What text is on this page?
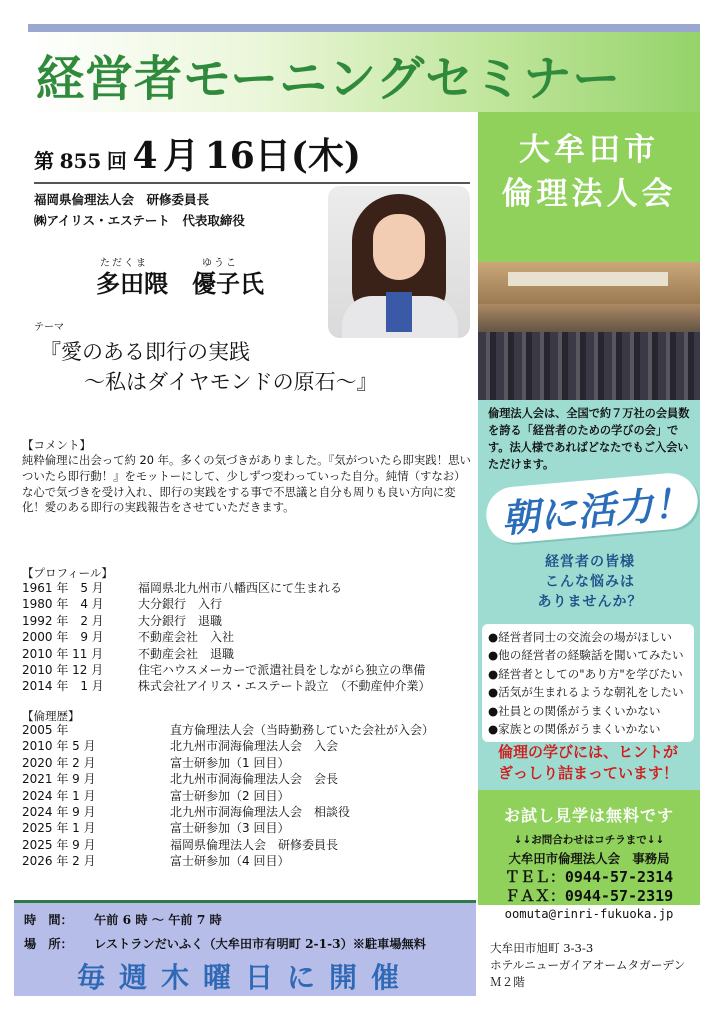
経営者モーニングセミナー
第 855 回 4 月 16日(木)
福岡県倫理法人会　研修委員長
㈱アイリス・エステート　代表取締役
ただくま	ゆうこ
多田隈　優子氏
テーマ
『愛のある即行の実践
～私はダイヤモンドの原石～』
【コメント】
純粋倫理に出会って約 20 年。多くの気づきがありました。『気がついたら即実践！思いついたら即行動！』をモットーにして、少しずつ変わっていった自分。純情（すなお）な心で気づきを受け入れ、即行の実践をする事で不思議と自分も周りも良い方向に変化！愛のある即行の実践報告をさせていただきます。
【プロフィール】
1961 年　5 月	福岡県北九州市八幡西区にて生まれる
1980 年　4 月	大分銀行　入行
1992 年　2 月	大分銀行　退職
2000 年　9 月	不動産会社　入社
2010 年 11 月	不動産会社　退職
2010 年 12 月	住宅ハウスメーカーで派遣社員をしながら独立の準備
2014 年　1 月	株式会社アイリス・エステート設立　（不動産仲介業）
【倫理歴】
2005 年	直方倫理法人会（当時勤務していた会社が入会）
2010 年 5 月	北九州市洞海倫理法人会　入会
2020 年 2 月	富士研参加（1 回目）
2021 年 9 月	北九州市洞海倫理法人会　会長
2024 年 1 月	富士研参加（2 回目）
2024 年 9 月	北九州市洞海倫理法人会　相談役
2025 年 1 月	富士研参加（3 回目）
2025 年 9 月	福岡県倫理法人会　研修委員長
2026 年 2 月	富士研参加（4 回目）
時　間： 午前 6 時 ～ 午前 7 時
場　所： レストランだいふく（大牟田市有明町 2-1-3）※駐車場無料
毎週木曜日に開催
大牟田市
倫理法人会
倫理法人会は、全国で約７万社の会員数を誇る「経営者のための学びの会」です。法人様であればどなたでもご入会いただけます。
朝に活力！
経営者の皆様
こんな悩みは
ありませんか？
●経営者同士の交流会の場がほしい
●他の経営者の経験話を聞いてみたい
●経営者としての"あり方"を学びたい
●活気が生まれるような朝礼をしたい
●社員との関係がうまくいかない
●家族との関係がうまくいかない
倫理の学びには、ヒントが
ぎっしり詰まっています！
お試し見学は無料です
↓↓お問合わせはコチラまで↓↓
大牟田市倫理法人会　事務局
ＴＥＬ：0944-57-2314
ＦＡＸ：0944-57-2319
oomuta@rinri-fukuoka.jp
大牟田市旭町 3-3-3
ホテルニューガイアオームタガーデン
Ｍ２階
